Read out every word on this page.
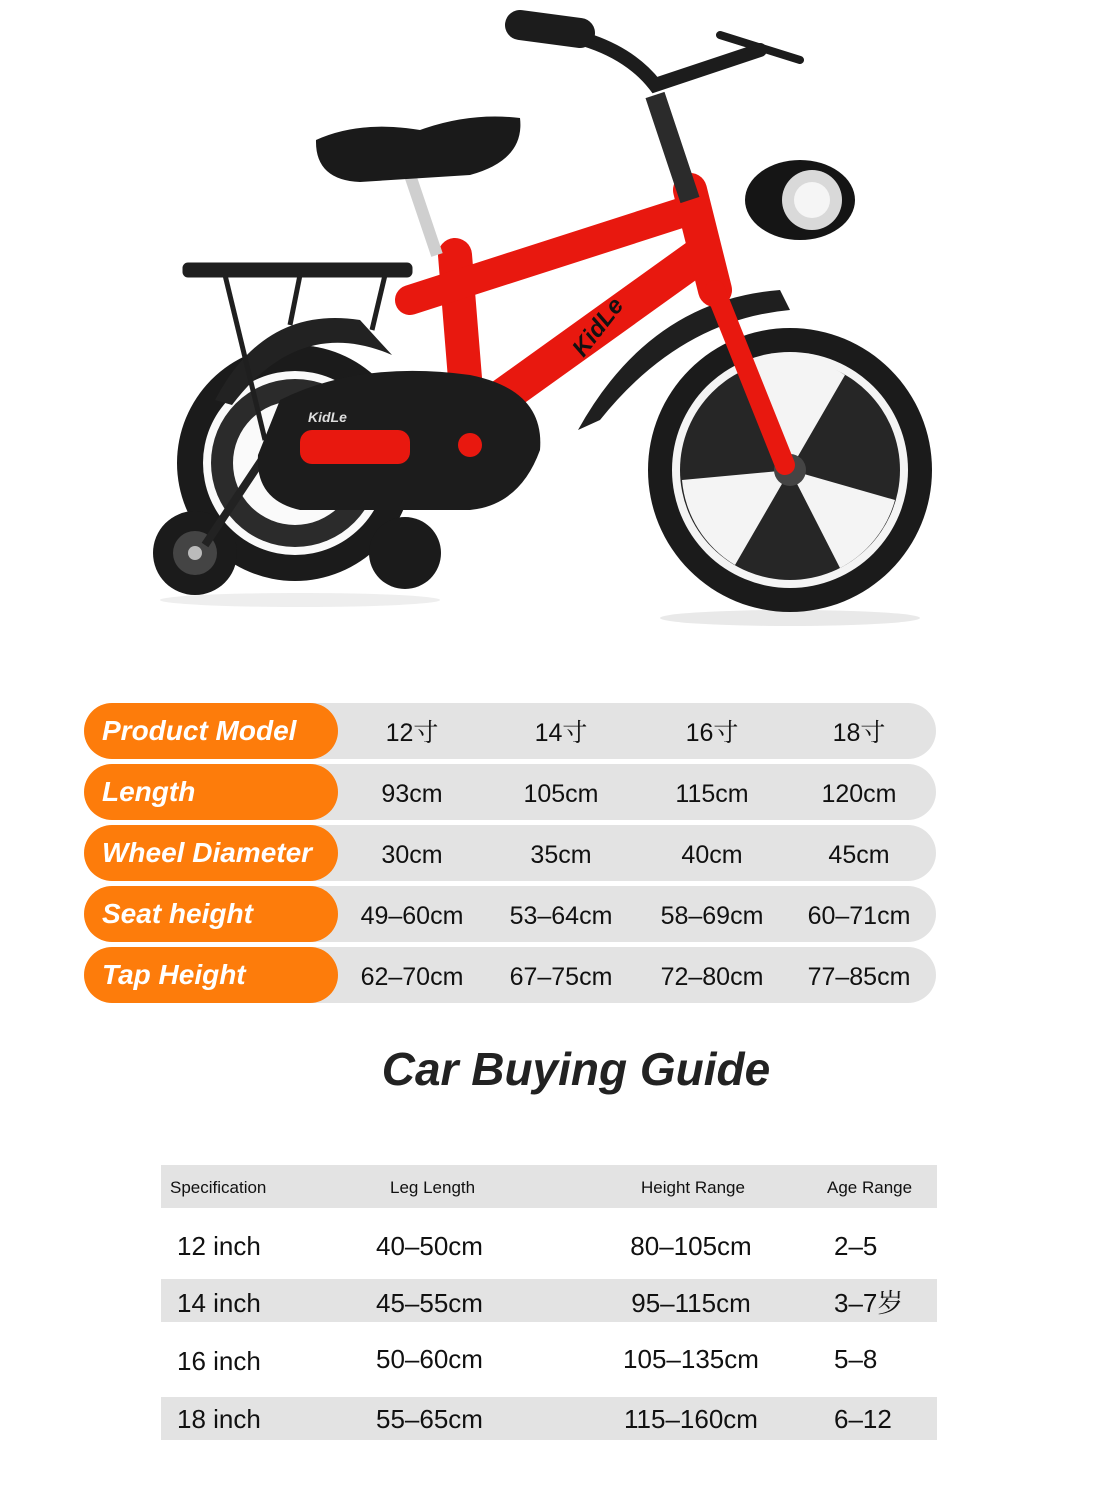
KidLe
KidLe
Product Model	12寸	14寸	16寸	18寸
Length	93cm	105cm	115cm	120cm
Wheel Diameter	30cm	35cm	40cm	45cm
Seat height	49–60cm	53–64cm	58–69cm	60–71cm
Tap Height	62–70cm	67–75cm	72–80cm	77–85cm
Car Buying Guide
Specification	Leg Length	Height Range	Age Range
12 inch	40–50cm	80–105cm	2–5
14 inch	45–55cm	95–115cm	3–7岁
16 inch	50–60cm	105–135cm	5–8
18 inch	55–65cm	115–160cm	6–12
